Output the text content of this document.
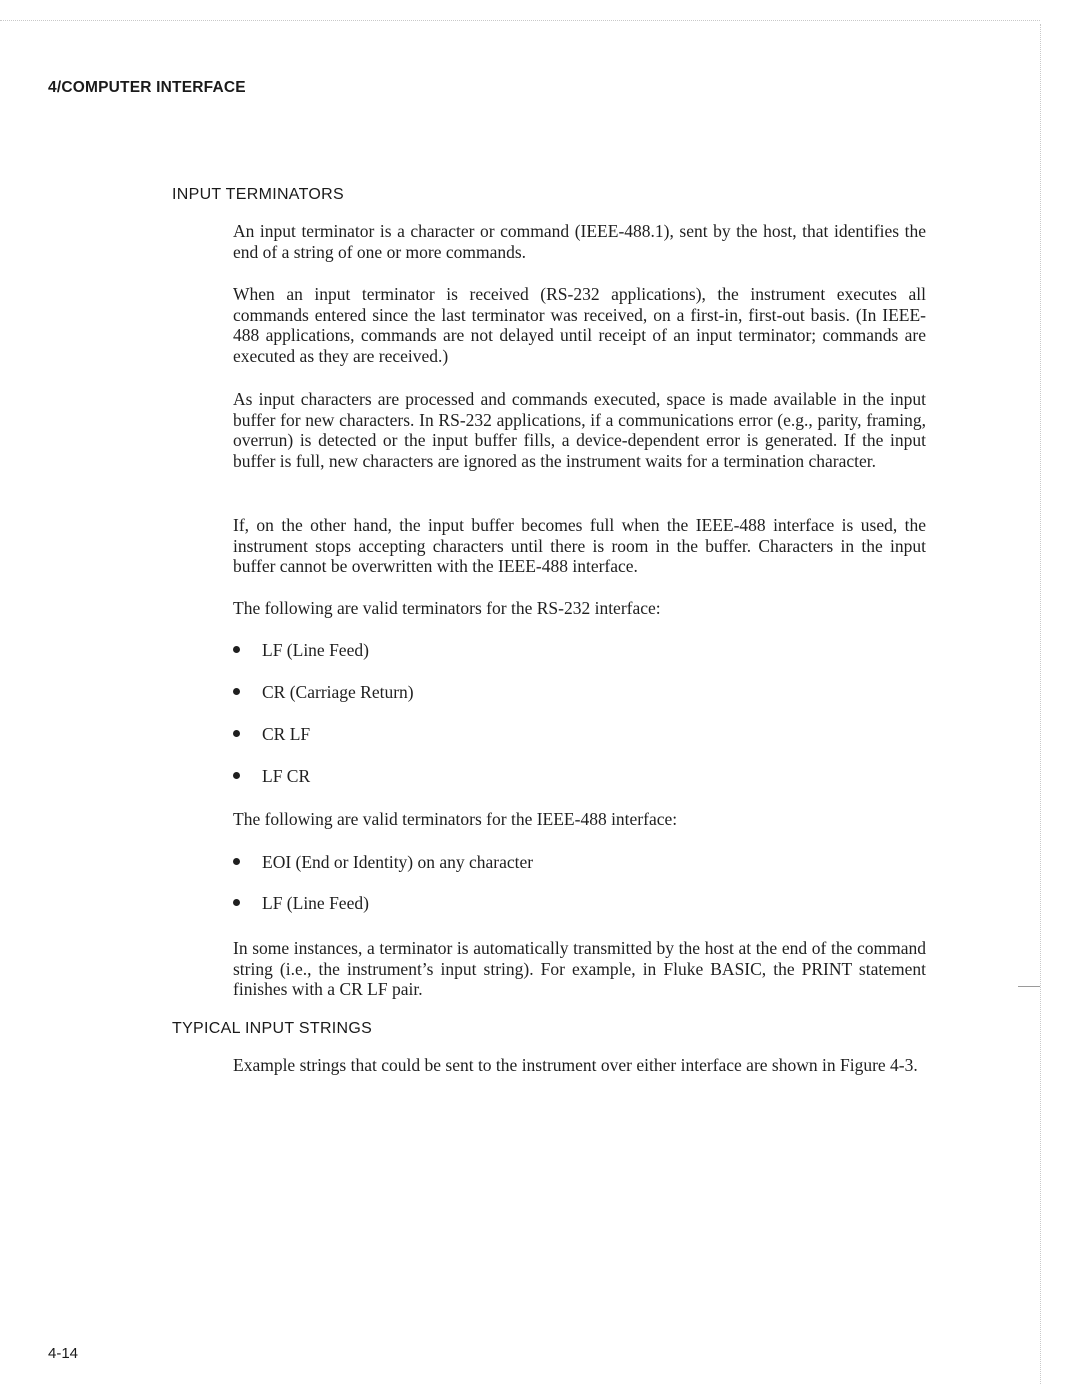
4/COMPUTER INTERFACE
INPUT TERMINATORS

An input terminator is a character or command (IEEE-488.1), sent by the host, that identifies the end of a string of one or more commands.

When an input terminator is received (RS-232 applications), the instrument executes all commands entered since the last terminator was received, on a first-in, first-out basis. (In IEEE-488 applications, commands are not delayed until receipt of an input terminator; commands are executed as they are received.)

As input characters are processed and commands executed, space is made available in the input buffer for new characters. In RS-232 applications, if a communications error (e.g., parity, framing, overrun) is detected or the input buffer fills, a device-dependent error is generated. If the input buffer is full, new characters are ignored as the instrument waits for a termination character.

If, on the other hand, the input buffer becomes full when the IEEE-488 interface is used, the instrument stops accepting characters until there is room in the buffer. Characters in the input buffer cannot be overwritten with the IEEE-488 interface.

The following are valid terminators for the RS-232 interface:

LF (Line Feed)
CR (Carriage Return)
CR LF
LF CR

The following are valid terminators for the IEEE-488 interface:

EOI (End or Identity) on any character
LF (Line Feed)

In some instances, a terminator is automatically transmitted by the host at the end of the command string (i.e., the instrument’s input string). For example, in Fluke BASIC, the PRINT statement finishes with a CR LF pair.

TYPICAL INPUT STRINGS

Example strings that could be sent to the instrument over either interface are shown in Figure 4-3.

4-14
